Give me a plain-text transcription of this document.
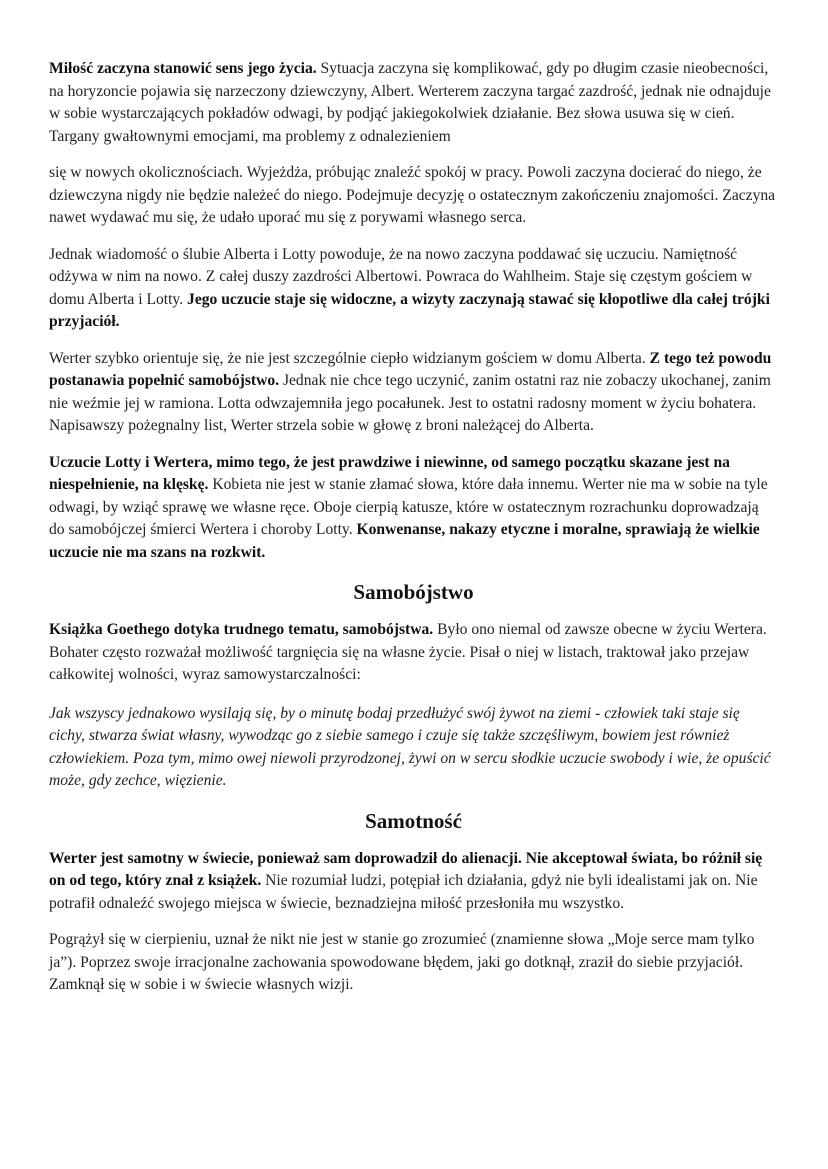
Miłość zaczyna stanowić sens jego życia. Sytuacja zaczyna się komplikować, gdy po długim czasie nieobecności, na horyzoncie pojawia się narzeczony dziewczyny, Albert. Werterem zaczyna targać zazdrość, jednak nie odnajduje w sobie wystarczających pokładów odwagi, by podjąć jakiegokolwiek działanie. Bez słowa usuwa się w cień. Targany gwałtownymi emocjami, ma problemy z odnalezieniem

się w nowych okolicznościach. Wyjeżdża, próbując znaleźć spokój w pracy. Powoli zaczyna docierać do niego, że dziewczyna nigdy nie będzie należeć do niego. Podejmuje decyzję o ostatecznym zakończeniu znajomości. Zaczyna nawet wydawać mu się, że udało uporać mu się z porywami własnego serca.

Jednak wiadomość o ślubie Alberta i Lotty powoduje, że na nowo zaczyna poddawać się uczuciu. Namiętność odżywa w nim na nowo. Z całej duszy zazdrości Albertowi. Powraca do Wahlheim. Staje się częstym gościem w domu Alberta i Lotty. Jego uczucie staje się widoczne, a wizyty zaczynają stawać się kłopotliwe dla całej trójki przyjaciół.

Werter szybko orientuje się, że nie jest szczególnie ciepło widzianym gościem w domu Alberta. Z tego też powodu postanawia popełnić samobójstwo. Jednak nie chce tego uczynić, zanim ostatni raz nie zobaczy ukochanej, zanim nie weźmie jej w ramiona. Lotta odwzajemniła jego pocałunek. Jest to ostatni radosny moment w życiu bohatera. Napisawszy pożegnalny list, Werter strzela sobie w głowę z broni należącej do Alberta.

Uczucie Lotty i Wertera, mimo tego, że jest prawdziwe i niewinne, od samego początku skazane jest na niespełnienie, na klęskę. Kobieta nie jest w stanie złamać słowa, które dała innemu. Werter nie ma w sobie na tyle odwagi, by wziąć sprawę we własne ręce. Oboje cierpią katusze, które w ostatecznym rozrachunku doprowadzają do samobójczej śmierci Wertera i choroby Lotty. Konwenanse, nakazy etyczne i moralne, sprawiają że wielkie uczucie nie ma szans na rozkwit.

Samobójstwo

Książka Goethego dotyka trudnego tematu, samobójstwa. Było ono niemal od zawsze obecne w życiu Wertera. Bohater często rozważał możliwość targnięcia się na własne życie. Pisał o niej w listach, traktował jako przejaw całkowitej wolności, wyraz samowystarczalności:

Jak wszyscy jednakowo wysilają się, by o minutę bodaj przedłużyć swój żywot na ziemi - człowiek taki staje się cichy, stwarza świat własny, wywodząc go z siebie samego i czuje się także szczęśliwym, bowiem jest również człowiekiem. Poza tym, mimo owej niewoli przyrodzonej, żywi on w sercu słodkie uczucie swobody i wie, że opuścić może, gdy zechce, więzienie.

Samotność

Werter jest samotny w świecie, ponieważ sam doprowadził do alienacji. Nie akceptował świata, bo różnił się on od tego, który znał z książek. Nie rozumiał ludzi, potępiał ich działania, gdyż nie byli idealistami jak on. Nie potrafił odnaleźć swojego miejsca w świecie, beznadziejna miłość przesłoniła mu wszystko.

Pogrążył się w cierpieniu, uznał że nikt nie jest w stanie go zrozumieć (znamienne słowa „Moje serce mam tylko ja”). Poprzez swoje irracjonalne zachowania spowodowane błędem, jaki go dotknął, zraził do siebie przyjaciół. Zamknął się w sobie i w świecie własnych wizji.
